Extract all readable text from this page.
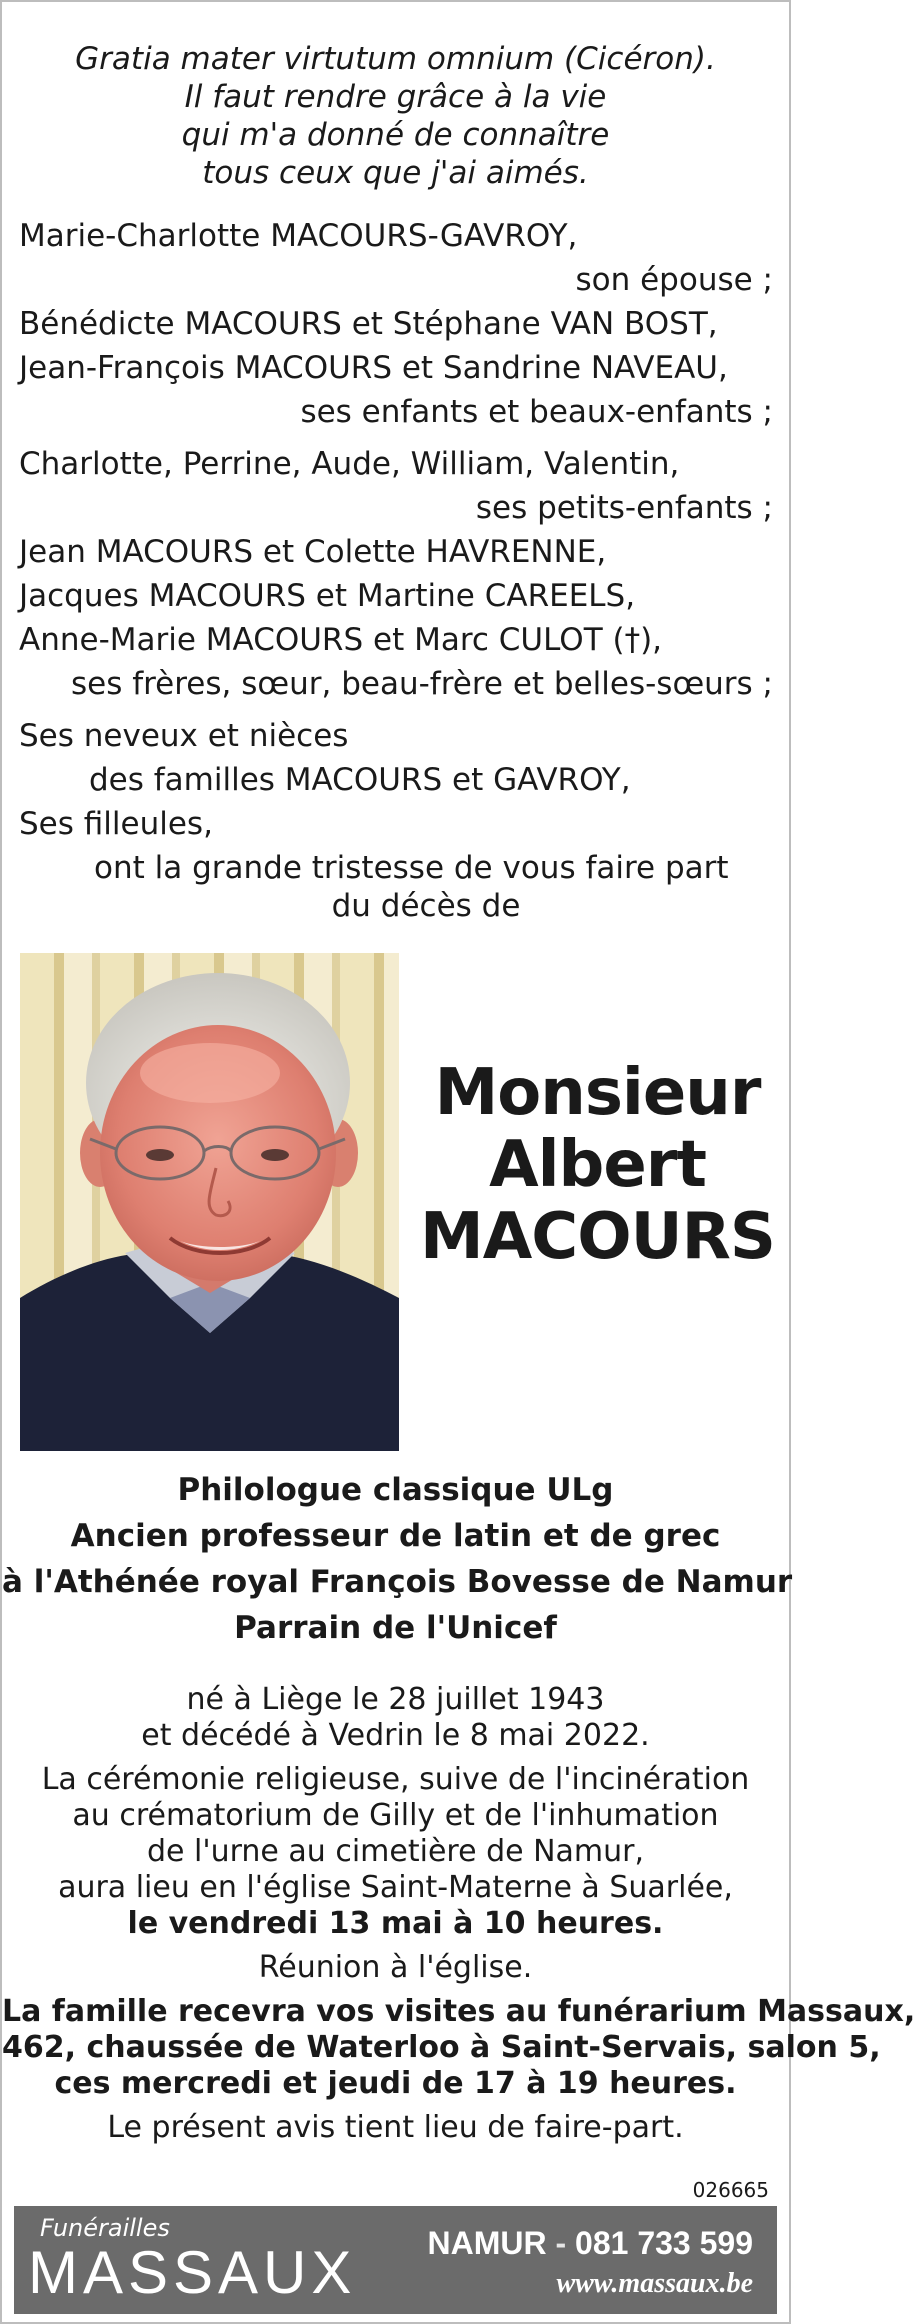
Gratia mater virtutum omnium (Cicéron).
Il faut rendre grâce à la vie
qui m'a donné de connaître
tous ceux que j'ai aimés.
Marie-Charlotte MACOURS-GAVROY,
son épouse ;
Bénédicte MACOURS et Stéphane VAN BOST,
Jean-François MACOURS et Sandrine NAVEAU,
ses enfants et beaux-enfants ;
Charlotte, Perrine, Aude, William, Valentin,
ses petits-enfants ;
Jean MACOURS et Colette HAVRENNE,
Jacques MACOURS et Martine CAREELS,
Anne-Marie MACOURS et Marc CULOT (†),
ses frères, sœur, beau-frère et belles-sœurs ;
Ses neveux et nièces
des familles MACOURS et GAVROY,
Ses filleules,
ont la grande tristesse de vous faire part
du décès de
Monsieur
Albert
MACOURS
Philologue classique ULg
Ancien professeur de latin et de grec
à l'Athénée royal François Bovesse de Namur
Parrain de l'Unicef
né à Liège le 28 juillet 1943
et décédé à Vedrin le 8 mai 2022.
La cérémonie religieuse, suive de l'incinération
au crématorium de Gilly et de l'inhumation
de l'urne au cimetière de Namur,
aura lieu en l'église Saint-Materne à Suarlée,
le vendredi 13 mai à 10 heures.
Réunion à l'église.
La famille recevra vos visites au funérarium Massaux,
462, chaussée de Waterloo à Saint-Servais, salon 5,
ces mercredi et jeudi de 17 à 19 heures.
Le présent avis tient lieu de faire-part.
026665
Funérailles
MASSAUX NAMUR - 081 733 599
www.massaux.be
